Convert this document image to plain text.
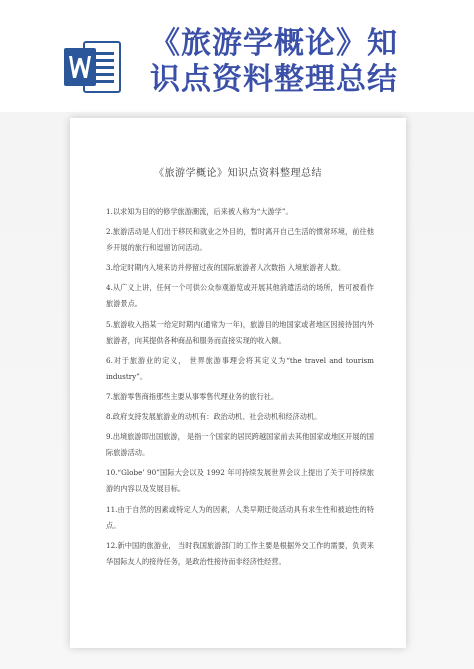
《旅游学概论》知
识点资料整理总结
《旅游学概论》知识点资料整理总结

1.以求知为目的的修学旅游潮流，后来被人称为“大游学”。

2.旅游活动是人们出于移民和就业之外目的，暂时离开自己生活的惯常环境，前往他乡开展的旅行和逗留访问活动。

3.给定时期内入境来访并停留过夜的国际旅游者人次数指 入境旅游者人数。

4.从广义上讲，任何一个可供公众参观游览或开展其他消遣活动的场所，皆可被看作旅游景点。

5.旅游收入指某一给定时期内(通常为一年)，旅游目的地国家或者地区因接待国内外旅游者，向其提供各种商品和服务而直接实现的收入额。

6.对于旅游业的定义， 世界旅游事理会将其定义为“the travel and tourism industry”。

7.旅游零售商指那些主要从事零售代理业务的旅行社。

8.政府支持发展旅游业的动机有：政治动机、社会动机和经济动机。

9.出境旅游即出国旅游， 是指一个国家的居民跨越国家前去其他国家或地区开展的国际旅游活动。

10.“Globe’ 90”国际大会以及 1992 年可持续发展世界会议上提出了关于可持续旅游的内容以及发展目标。

11.由于自然的因素或特定人为的因素，人类早期迁徙活动具有求生性和被迫性的特点。

12.新中国的旅游业， 当时我国旅游部门的工作主要是根据外交工作的需要，负责来华国际友人的接待任务，是政治性接待而非经济性经营。
